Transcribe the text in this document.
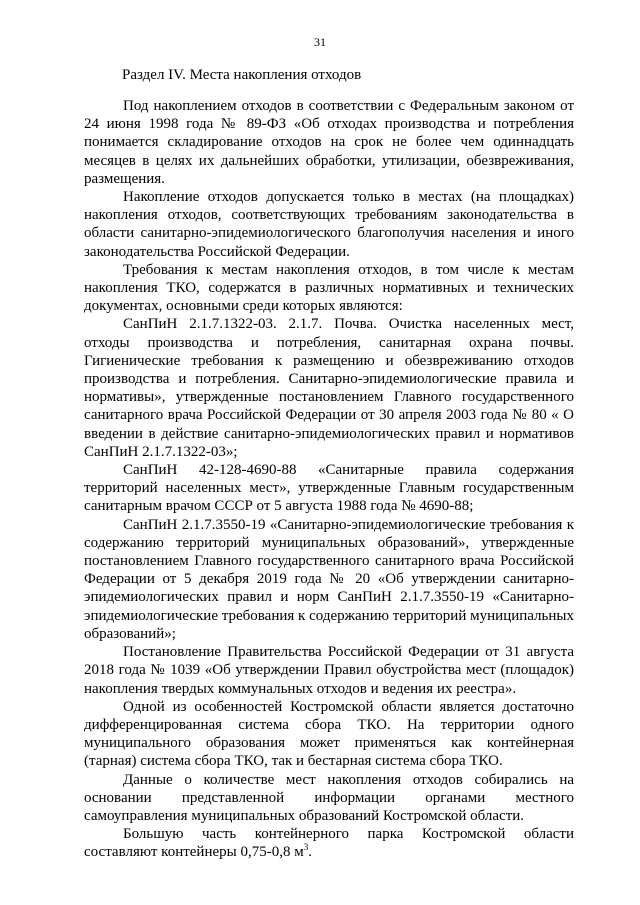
31
Раздел IV. Места накопления отходов

Под накоплением отходов в соответствии с Федеральным законом от 24 июня 1998 года № 89-ФЗ «Об отходах производства и потребления понимается складирование отходов на срок не более чем одиннадцать месяцев в целях их дальнейших обработки, утилизации, обезвреживания, размещения.

Накопление отходов допускается только в местах (на площадках) накопления отходов, соответствующих требованиям законодательства в области санитарно-эпидемиологического благополучия населения и иного законодательства Российской Федерации.

Требования к местам накопления отходов, в том числе к местам накопления ТКО, содержатся в различных нормативных и технических документах, основными среди которых являются:

СанПиН 2.1.7.1322-03. 2.1.7. Почва. Очистка населенных мест, отходы производства и потребления, санитарная охрана почвы. Гигиенические требования к размещению и обезвреживанию отходов производства и потребления. Санитарно-эпидемиологические правила и нормативы», утвержденные постановлением Главного государственного санитарного врача Российской Федерации от 30 апреля 2003 года № 80 « О введении в действие санитарно-эпидемиологических правил и нормативов СанПиН 2.1.7.1322-03»;

СанПиН 42-128-4690-88 «Санитарные правила содержания территорий населенных мест», утвержденные Главным государственным санитарным врачом СССР от 5 августа 1988 года № 4690-88;

СанПиН 2.1.7.3550-19 «Санитарно-эпидемиологические требования к содержанию территорий муниципальных образований», утвержденные постановлением Главного государственного санитарного врача Российской Федерации от 5 декабря 2019 года № 20 «Об утверждении санитарно-эпидемиологических правил и норм СанПиН 2.1.7.3550-19 «Санитарно-эпидемиологические требования к содержанию территорий муниципальных образований»;

Постановление Правительства Российской Федерации от 31 августа 2018 года № 1039 «Об утверждении Правил обустройства мест (площадок) накопления твердых коммунальных отходов и ведения их реестра».

Одной из особенностей Костромской области является достаточно дифференцированная система сбора ТКО. На территории одного муниципального образования может применяться как контейнерная (тарная) система сбора ТКО, так и бестарная система сбора ТКО.

Данные о количестве мест накопления отходов собирались на основании представленной информации органами местного самоуправления муниципальных образований Костромской области.

Большую часть контейнерного парка Костромской области составляют контейнеры 0,75-0,8 $м^3$.
